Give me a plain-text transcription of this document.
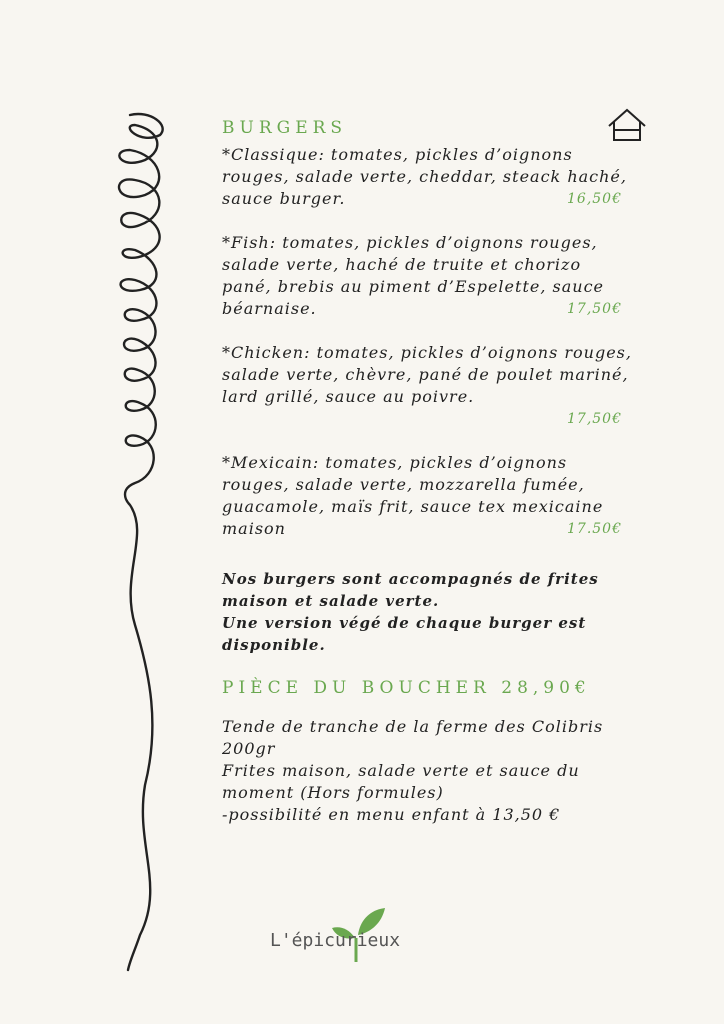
BURGERS
*Classique: tomates, pickles d’oignons rouges, salade verte, cheddar, steack haché, sauce burger.	16,50€
*Fish: tomates, pickles d’oignons rouges, salade verte, haché de truite et chorizo pané, brebis au piment d’Espelette, sauce béarnaise.	17,50€
*Chicken: tomates, pickles d’oignons rouges, salade verte, chèvre, pané de poulet mariné, lard grillé, sauce au poivre.
17,50€
*Mexicain: tomates, pickles d’oignons rouges, salade verte, mozzarella fumée, guacamole, maïs frit, sauce tex mexicaine maison	17.50€
Nos burgers sont accompagnés de frites maison et salade verte.
Une version végé de chaque burger est disponible.
PIÈCE DU BOUCHER 28,90€
Tende de tranche de la ferme des Colibris 200gr
Frites maison, salade verte et sauce du moment (Hors formules)
-possibilité en menu enfant à 13,50 €
L'épicurieux
